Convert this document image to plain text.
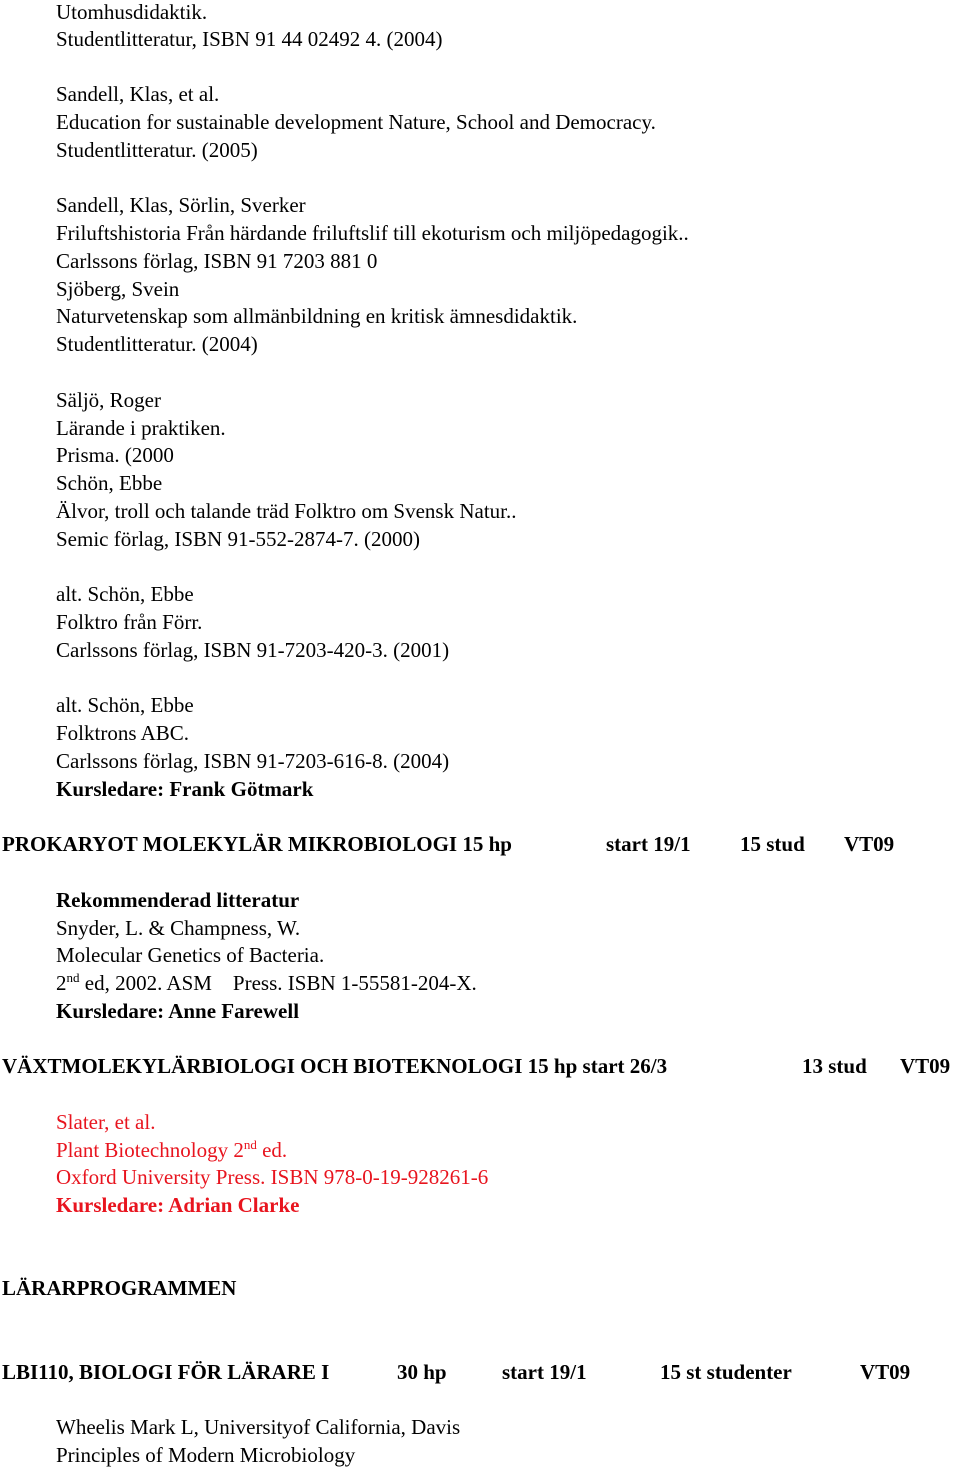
Utomhusdidaktik.
Studentlitteratur, ISBN 91 44 02492 4. (2004)
Sandell, Klas, et al.
Education for sustainable development Nature, School and Democracy.
Studentlitteratur. (2005)
Sandell, Klas, Sörlin, Sverker
Friluftshistoria Från härdande friluftslif till ekoturism och miljöpedagogik..
Carlssons förlag, ISBN 91 7203 881 0
Sjöberg, Svein
Naturvetenskap som allmänbildning en kritisk ämnesdidaktik.
Studentlitteratur. (2004)
Säljö, Roger
Lärande i praktiken.
Prisma. (2000
Schön, Ebbe
Älvor, troll och talande träd Folktro om Svensk Natur..
Semic förlag, ISBN 91-552-2874-7. (2000)
alt. Schön, Ebbe
Folktro från Förr.
Carlssons förlag, ISBN 91-7203-420-3. (2001)
alt. Schön, Ebbe
Folktrons ABC.
Carlssons förlag, ISBN 91-7203-616-8. (2004)
Kursledare: Frank Götmark
PROKARYOT MOLEKYLÄR MIKROBIOLOGI 15 hp	start 19/1 15 stud VT09
Rekommenderad litteratur
Snyder, L. & Champness, W.
Molecular Genetics of Bacteria.
2nd ed, 2002. ASM    Press. ISBN 1-55581-204-X.
Kursledare: Anne Farewell
VÄXTMOLEKYLÄRBIOLOGI OCH BIOTEKNOLOGI 15 hp start 26/3	13 stud VT09
Slater, et al.
Plant Biotechnology 2nd ed.
Oxford University Press. ISBN 978-0-19-928261-6
Kursledare: Adrian Clarke
LÄRARPROGRAMMEN
LBI110, BIOLOGI FÖR LÄRARE I	30 hp	start 19/1	15 st studenter	VT09
Wheelis Mark L, Universityof California, Davis
Principles of Modern Microbiology
